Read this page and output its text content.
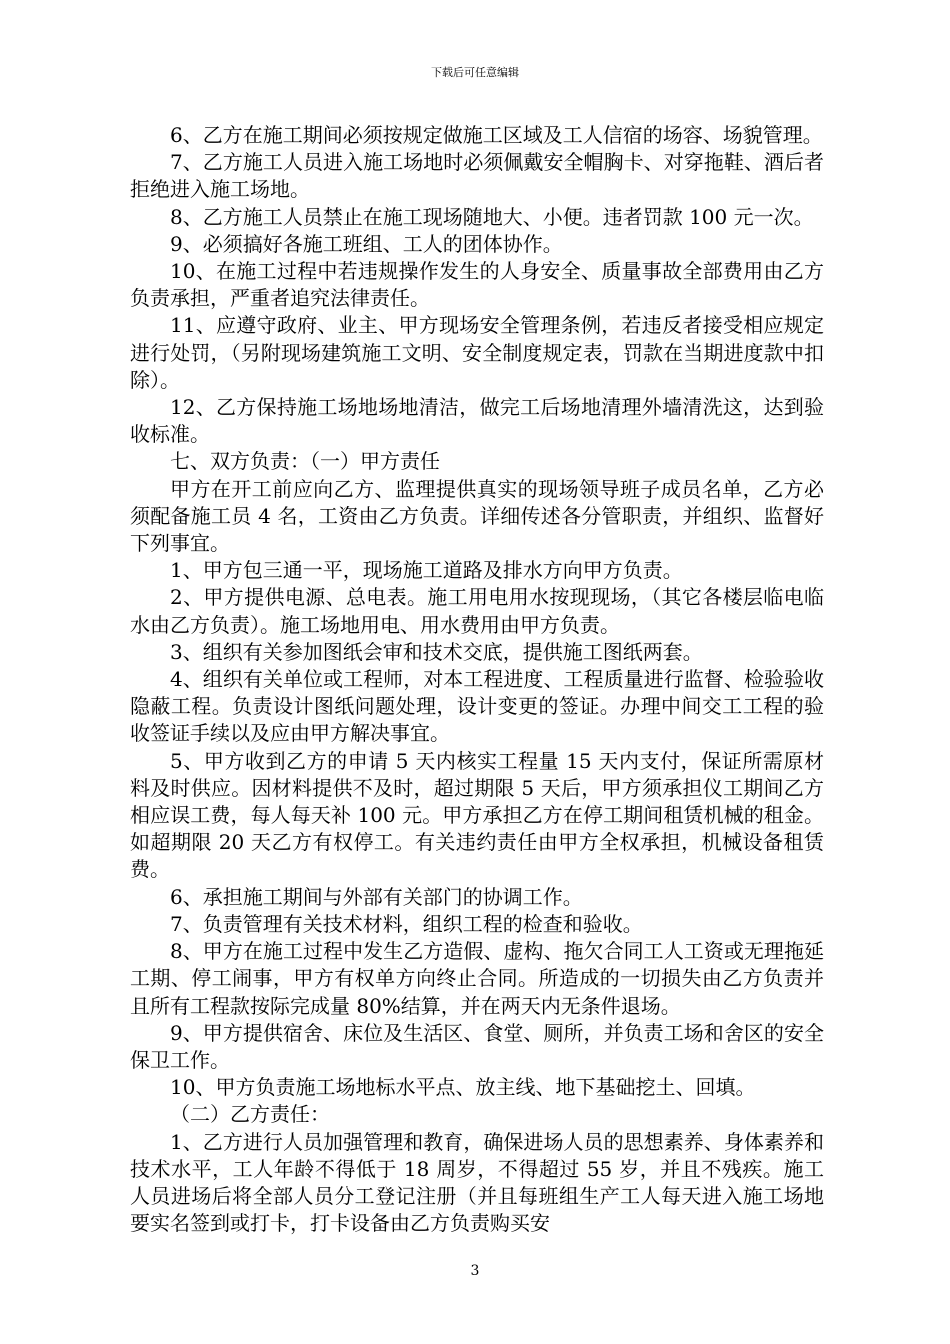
下载后可任意编辑

6、乙方在施工期间必须按规定做施工区域及工人信宿的场容、场貌管理。

7、乙方施工人员进入施工场地时必须佩戴安全帽胸卡、对穿拖鞋、酒后者拒绝进入施工场地。

8、乙方施工人员禁止在施工现场随地大、小便。违者罚款 100 元一次。

9、必须搞好各施工班组、工人的团体协作。

10、在施工过程中若违规操作发生的人身安全、质量事故全部费用由乙方负责承担，严重者追究法律责任。

11、应遵守政府、业主、甲方现场安全管理条例，若违反者接受相应规定进行处罚，（另附现场建筑施工文明、安全制度规定表，罚款在当期进度款中扣除）。

12、乙方保持施工场地场地清洁，做完工后场地清理外墙清洗这，达到验收标准。

七、双方负责：（一）甲方责任

甲方在开工前应向乙方、监理提供真实的现场领导班子成员名单，乙方必须配备施工员 4 名，工资由乙方负责。详细传述各分管职责，并组织、监督好下列事宜。

1、甲方包三通一平，现场施工道路及排水方向甲方负责。

2、甲方提供电源、总电表。施工用电用水按现现场，（其它各楼层临电临水由乙方负责）。施工场地用电、用水费用由甲方负责。

3、组织有关参加图纸会审和技术交底，提供施工图纸两套。

4、组织有关单位或工程师，对本工程进度、工程质量进行监督、检验验收隐蔽工程。负责设计图纸问题处理，设计变更的签证。办理中间交工工程的验收签证手续以及应由甲方解决事宜。

5、甲方收到乙方的申请 5 天内核实工程量 15 天内支付，保证所需原材料及时供应。因材料提供不及时，超过期限 5 天后，甲方须承担仪工期间乙方相应误工费，每人每天补 100 元。甲方承担乙方在停工期间租赁机械的租金。如超期限 20 天乙方有权停工。有关违约责任由甲方全权承担，机械设备租赁费。

6、承担施工期间与外部有关部门的协调工作。

7、负责管理有关技术材料，组织工程的检查和验收。

8、甲方在施工过程中发生乙方造假、虚构、拖欠合同工人工资或无理拖延工期、停工闹事，甲方有权单方向终止合同。所造成的一切损失由乙方负责并且所有工程款按际完成量 80%结算，并在两天内无条件退场。

9、甲方提供宿舍、床位及生活区、食堂、厕所，并负责工场和舍区的安全保卫工作。

10、甲方负责施工场地标水平点、放主线、地下基础挖土、回填。

（二）乙方责任：

1、乙方进行人员加强管理和教育，确保进场人员的思想素养、身体素养和技术水平，工人年龄不得低于 18 周岁，不得超过 55 岁，并且不残疾。施工人员进场后将全部人员分工登记注册（并且每班组生产工人每天进入施工场地要实名签到或打卡，打卡设备由乙方负责购买安

3
